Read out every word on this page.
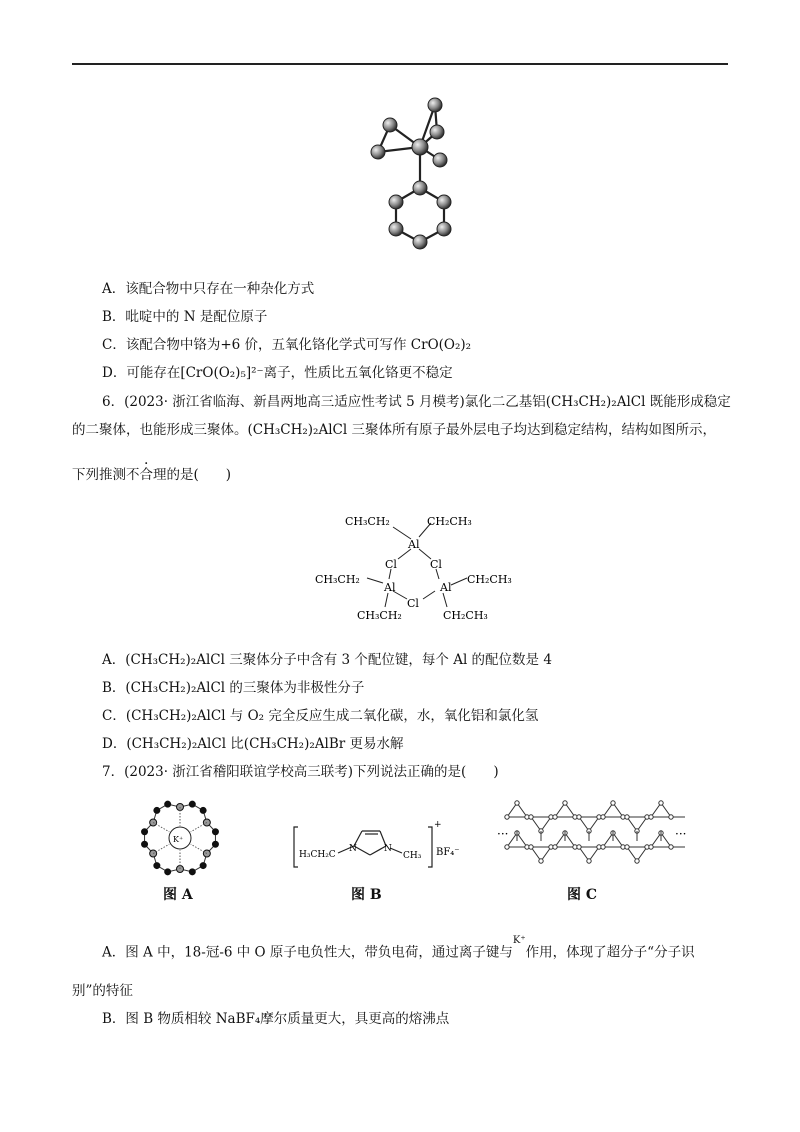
A．该配合物中只存在一种杂化方式
B．吡啶中的 N 是配位原子
C．该配合物中铬为+6 价，五氧化铬化学式可写作 CrO(O₂)₂
D．可能存在[CrO(O₂)₅]²⁻离子，性质比五氧化铬更不稳定
6．(2023· 浙江省临海、新昌两地高三适应性考试 5 月模考)氯化二乙基铝(CH₃CH₂)₂AlCl 既能形成稳定
的二聚体，也能形成三聚体。(CH₃CH₂)₂AlCl 三聚体所有原子最外层电子均达到稳定结构，结构如图所示，
下列推测不合理的是(　　)
CH₃CH₂	CH₂CH₃
Al
Cl	Cl
CH₃CH₂
Al	Al
CH₂CH₃
Cl
CH₃CH₂	CH₂CH₃
A．(CH₃CH₂)₂AlCl 三聚体分子中含有 3 个配位键，每个 Al 的配位数是 4
B．(CH₃CH₂)₂AlCl 的三聚体为非极性分子
C．(CH₃CH₂)₂AlCl 与 O₂ 完全反应生成二氧化碳，水，氧化铝和氯化氢
D．(CH₃CH₂)₂AlCl 比(CH₃CH₂)₂AlBr 更易水解
7．(2023· 浙江省稽阳联谊学校高三联考)下列说法正确的是(　　)
K⁺
H₃CH₂C
N	N
CH₃
+
BF₄⁻
···	···
图 A	图 B	图 C
A．图 A 中，18-冠-6 中 O 原子电负性大，带负电荷，通过离子键与$^{K^+}$作用，体现了超分子“分子识
别”的特征
B．图 B 物质相较 NaBF₄摩尔质量更大，具更高的熔沸点
